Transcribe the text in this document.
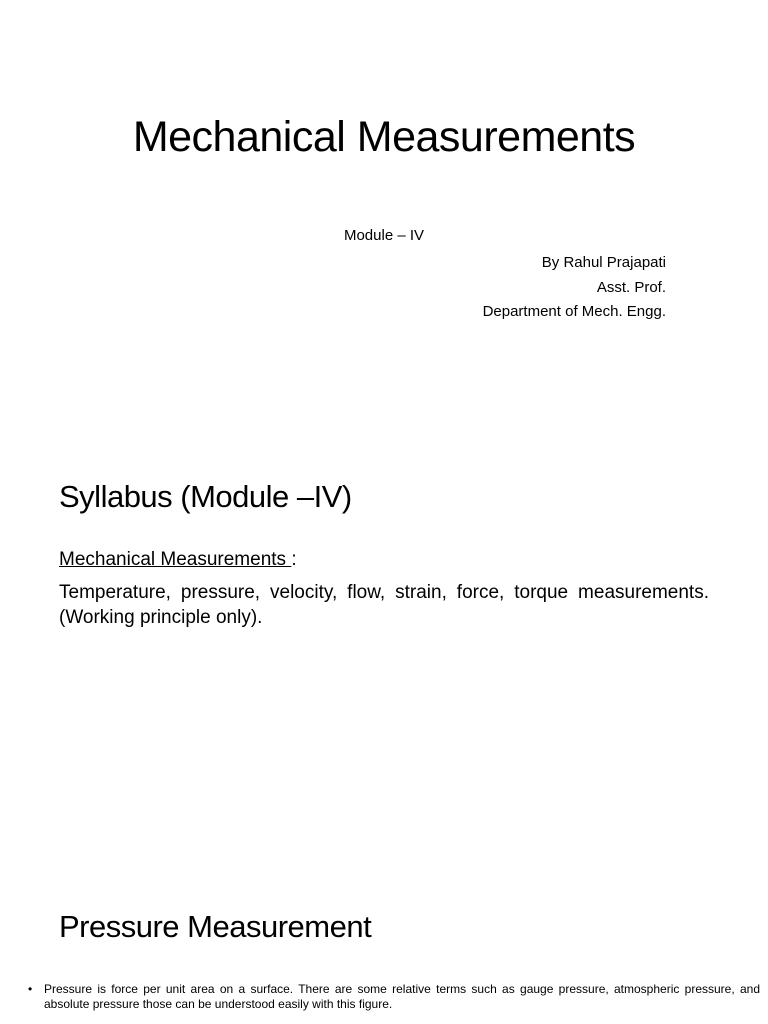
Mechanical Measurements
Module – IV
By Rahul Prajapati
Asst. Prof.
Department of Mech. Engg.
Syllabus (Module –IV)
Mechanical Measurements :
Temperature, pressure, velocity, flow, strain, force, torque measurements. (Working principle only).
Pressure Measurement
• Pressure is force per unit area on a surface. There are some relative terms such as gauge pressure, atmospheric pressure, and absolute pressure those can be understood easily with this figure.
